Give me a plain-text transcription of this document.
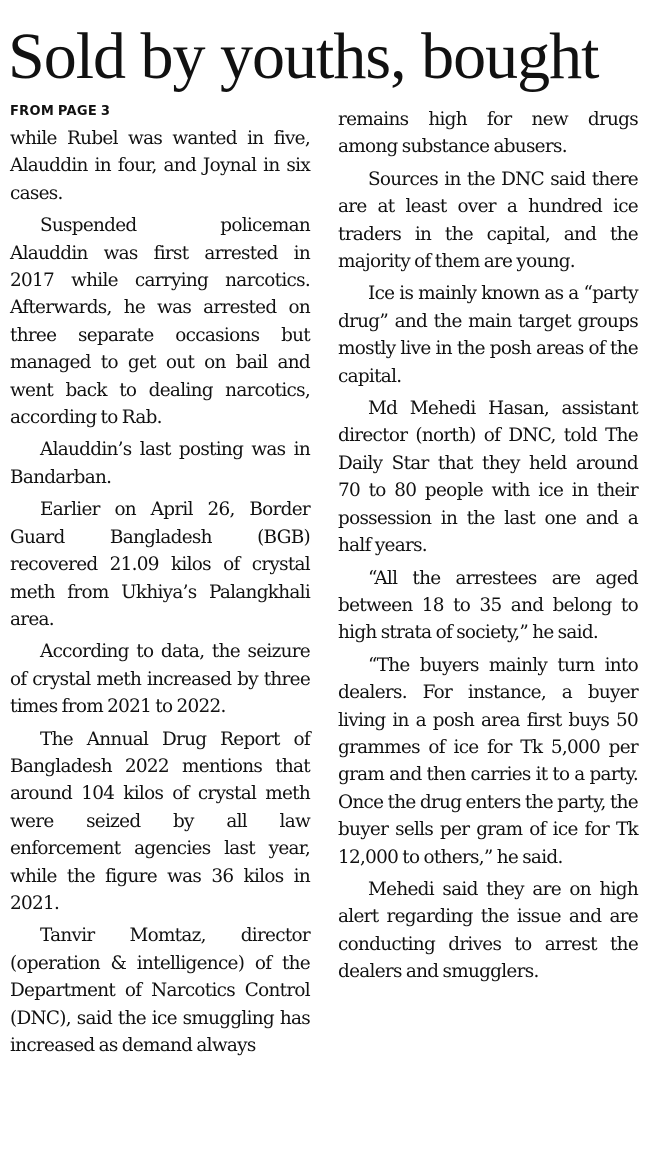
Sold by youths, bought
FROM PAGE 3

while Rubel was wanted in five, Alauddin in four, and Joynal in six cases.

Suspended policeman Alauddin was first arrested in 2017 while carrying narcotics. Afterwards, he was arrested on three separate occasions but managed to get out on bail and went back to dealing narcotics, according to Rab.

Alauddin’s last posting was in Bandarban.

Earlier on April 26, Border Guard Bangladesh (BGB) recovered 21.09 kilos of crystal meth from Ukhiya’s Palangkhali area.

According to data, the seizure of crystal meth increased by three times from 2021 to 2022.

The Annual Drug Report of Bangladesh 2022 mentions that around 104 kilos of crystal meth were seized by all law enforcement agencies last year, while the figure was 36 kilos in 2021.

Tanvir Momtaz, director (operation & intelligence) of the Department of Narcotics Control (DNC), said the ice smuggling has increased as demand always

remains high for new drugs among substance abusers.

Sources in the DNC said there are at least over a hundred ice traders in the capital, and the majority of them are young.

Ice is mainly known as a “party drug” and the main target groups mostly live in the posh areas of the capital.

Md Mehedi Hasan, assistant director (north) of DNC, told The Daily Star that they held around 70 to 80 people with ice in their possession in the last one and a half years.

“All the arrestees are aged between 18 to 35 and belong to high strata of society,” he said.

“The buyers mainly turn into dealers. For instance, a buyer living in a posh area first buys 50 grammes of ice for Tk 5,000 per gram and then carries it to a party. Once the drug enters the party, the buyer sells per gram of ice for Tk 12,000 to others,” he said.

Mehedi said they are on high alert regarding the issue and are conducting drives to arrest the dealers and smugglers.
